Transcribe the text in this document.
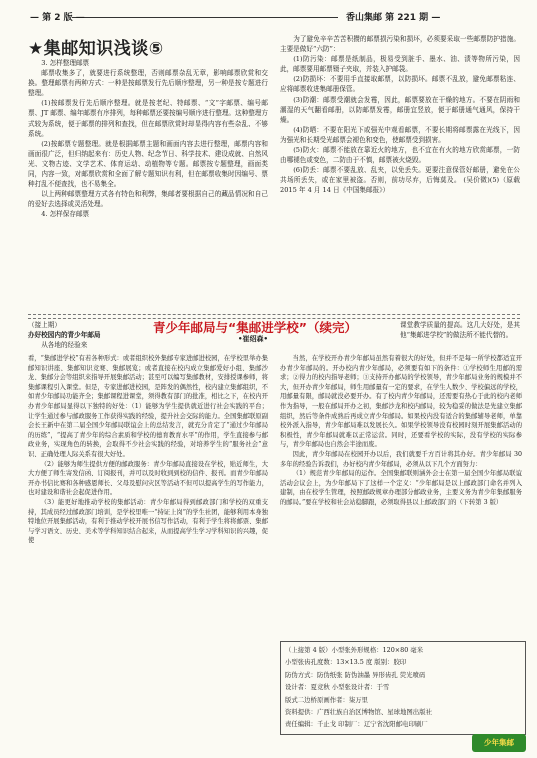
— 第 2 版 —	香山集邮 第 221 期 —
★集邮知识浅谈⑤

3. 怎样整理邮票

邮票收集多了，就要进行系统整理，否则邮票杂乱无章，影响邮票欣赏和交换。整理邮票有两种方式：一种是按邮票发行先后顺序整理，另一种是按专题进行整理。

(1)按邮票发行先后顺序整理。就是按老纪、特邮票、“文”字邮票、编号邮票、JT 邮票、编年邮票有序排列，每种邮票还要按编号顺序进行整理。这种整理方式较为系统，便于邮票的排列和查找，但在邮票欣赏时却显得内容有些杂乱、不够系统。

(2)按邮票专题整理。就是根据邮票主题和画面内容去进行整理，邮票内容和画面很广泛，但归纳起来有：历史人物、纪念节日、科学技术、建设成就、自然风光、文物古迹、文学艺术、体育运动、动植物等专题。邮票按专题整理，画面类同，内容一致，对邮票欣赏和全面了解专题知识有利，但在邮票收集时因编号、票种打乱不便查找，也不易集全。

以上两种邮票整理方式各有特色和利弊，集邮者要根据自己的藏品情况和自己的爱好去选择或灵活处理。

4. 怎样保存邮票

为了避免辛辛苦苦积攒的邮票损污染和损坏，必须要采取一些邮票防护措施。主要是做好“六防”：

(1)防污染：邮票是纸制品，极易受到脏手、墨水、油、渍等物所污染，因此，邮票要用邮票镊子夹取，并装入护邮袋。

(2)防损坏：不要用手直接取邮票，以防损坏。邮票不乱放，避免邮票粘连、应将邮票收进集邮册保管。

(3)防潮：邮票受潮就会发霉，因此，邮票要放在干燥的地方。不要在阴雨和潮湿的天气翻看邮册，以防邮票发霉，邮册宜竖放，便于邮册通气通风，保持干燥。

(4)防晒：不要在阳光下或强光中观看邮票，不要长期将邮票露在光线下，因为强光和长期受光邮票会褪色和变色，使邮票受到损害。

(5)防火：邮票不能放在靠近火的地方，也不宜在有火的地方欣赏邮票，一防由哪褪色或变色，二防由于不慎，邮票被火烧毁。

(6)防丢：邮票不要乱放、乱夹，以免丢失。更要注意保管好邮册，避免在公共场所丢失，或在家里被盗。否则，前功尽弃，后悔莫及。 (吴价微)(5)（原载 2015 年 4 月 14 日《中国集邮报》）

青少年邮局与“集邮进学校”（续完）
•崔绍森•

（接上期）

办好校园内的青少年邮局

从各地的经验来

课堂教学质量的提高。这几大好处，是其他“集邮进学校”的做法所不能代替的。

看，“集邮进学校”有若各种形式：或者组织校外集邮专家进邮进校园，在学校里举办集邮知识讲座、集邮知识竞赛、集邮展览；或者直接在校内成立集邮爱好小组、集邮沙龙、集邮分会等组织来指导开展集邮活动；甚至可以编写集邮教材，安排授课参师，将集邮课程引入课堂。但是，专家进邮进校园，是阵发的偶然性，校内建立集邮组织，不如青少年邮局功能齐全；集邮课程进课堂，须得教有部门的批准，相比之下，在校内开办青少年邮局显得以下独特的好处：（1）能够为学生提供就近进行社会实践的平台；让学生通过参与邮政服务工作获得实践的经验，提升社会交际的能力。全国集邮联原副会长王新中在第二届全国少年邮局联谊会上的总结发言，就充分肯定了“通过少年邮局的历练”，“提高了青少年的综合素质和学校的德育教育水平”的作用，学生直接参与邮政业务，实现角色的转换，会取得不少社会实践的经验，对培养学生的“服务社会”意识、正确处理人际关系有很大好处。

（2）能够为师生提供方便的邮政服务：青少年邮局直接设在学校，贴近师生，大大方便了师生寄发信函、订阅报刊，并可以及时收到到校的信件、报刊。而青少年邮局开办书信比赛和各种感恩师长、父母及慰问灾区等活动不但可以提高学生的写作能力，也对建设和谐社会起促进作用。

（3）能更好地推动学校的集邮活动：青少年邮局得到邮政部门和学校的双重支持，其成员经过邮政部门培训，是学校里唯一“持证上岗”的学生社团，能够利用本身独特地位开展集邮活动，有利于推动学校开展书信写作活动，有利于学生将将邮票、集邮与学习语文、历史、美术等学科知识结合起来，从而提高学生学习学科知识的兴趣，促使

当然，在学校开办青少年邮局虽然有着很大的好处，但并不是每一所学校都适宜开办青少年邮局的。开办校内青少年邮局，必须要有如下的条件：①学校师生用邮的需求；②得力的校内指导老师；③支持开办邮局的学校领导，青少年邮局业务的规模并不大，但开办青少年邮局，师生用邮量有一定的要求，在学生人数少、学校偏远的学校，用邮量有限，邮局就没必要开办。有了校内青少年邮局，还需要有热心于此的校内老师作为指导，一般在邮局开办之初，集邮沙龙和校内邮局，较为稳妥的做法是先建立集邮组织，然后等条件成熟后再成立青少年邮局。如果校内没有适合的集邮辅导老师，单靠校外派入指导，青少年邮局难以发展长久。如果学校领导没有校园时刻开展集邮活动的积极性，青少年邮局就难以正常运营。同时，还要看学校的实际，没有学校的实际参与，青少年邮局也自然会半途而废。

因此，青少年邮局在校园开办以后，我们就要千方百计将其办好。青少年邮局 30 多年的经验告诉我们，办好校内青少年邮局，必须从以下几个方面努力：

（1）规范青少年邮局的运作。全国集邮联则涵外会士在第一届全国少年邮局联谊活动会议会上，为少年邮局下了这样一个定义：“少年邮局是以上邮政部门命名并列入建制，由在校学生管理，按照邮政规章办理部分邮政业务，主要义务为青少年集邮服务的邮局。”要在学校和社会站稳脚跟，必须取得县以上邮政部门的（下转第 3 版）

（上接第 4 版）小型张外形规格：120×80 毫米

小型张齿孔度数：13×13.5 度 版别：胶印

防伪方式：防伪纸张 防伪油墨 异形齿孔 荧光喷码

设计者：夏竞秋 小型张设计者：于雪

版式二边桥原画作者：柒万里

资料提供：广西壮族自治区博物馆、星球地图出版社

责任编辑：千止戈 印制厂：辽宁省沈阳邮电印刷厂

少年集邮
